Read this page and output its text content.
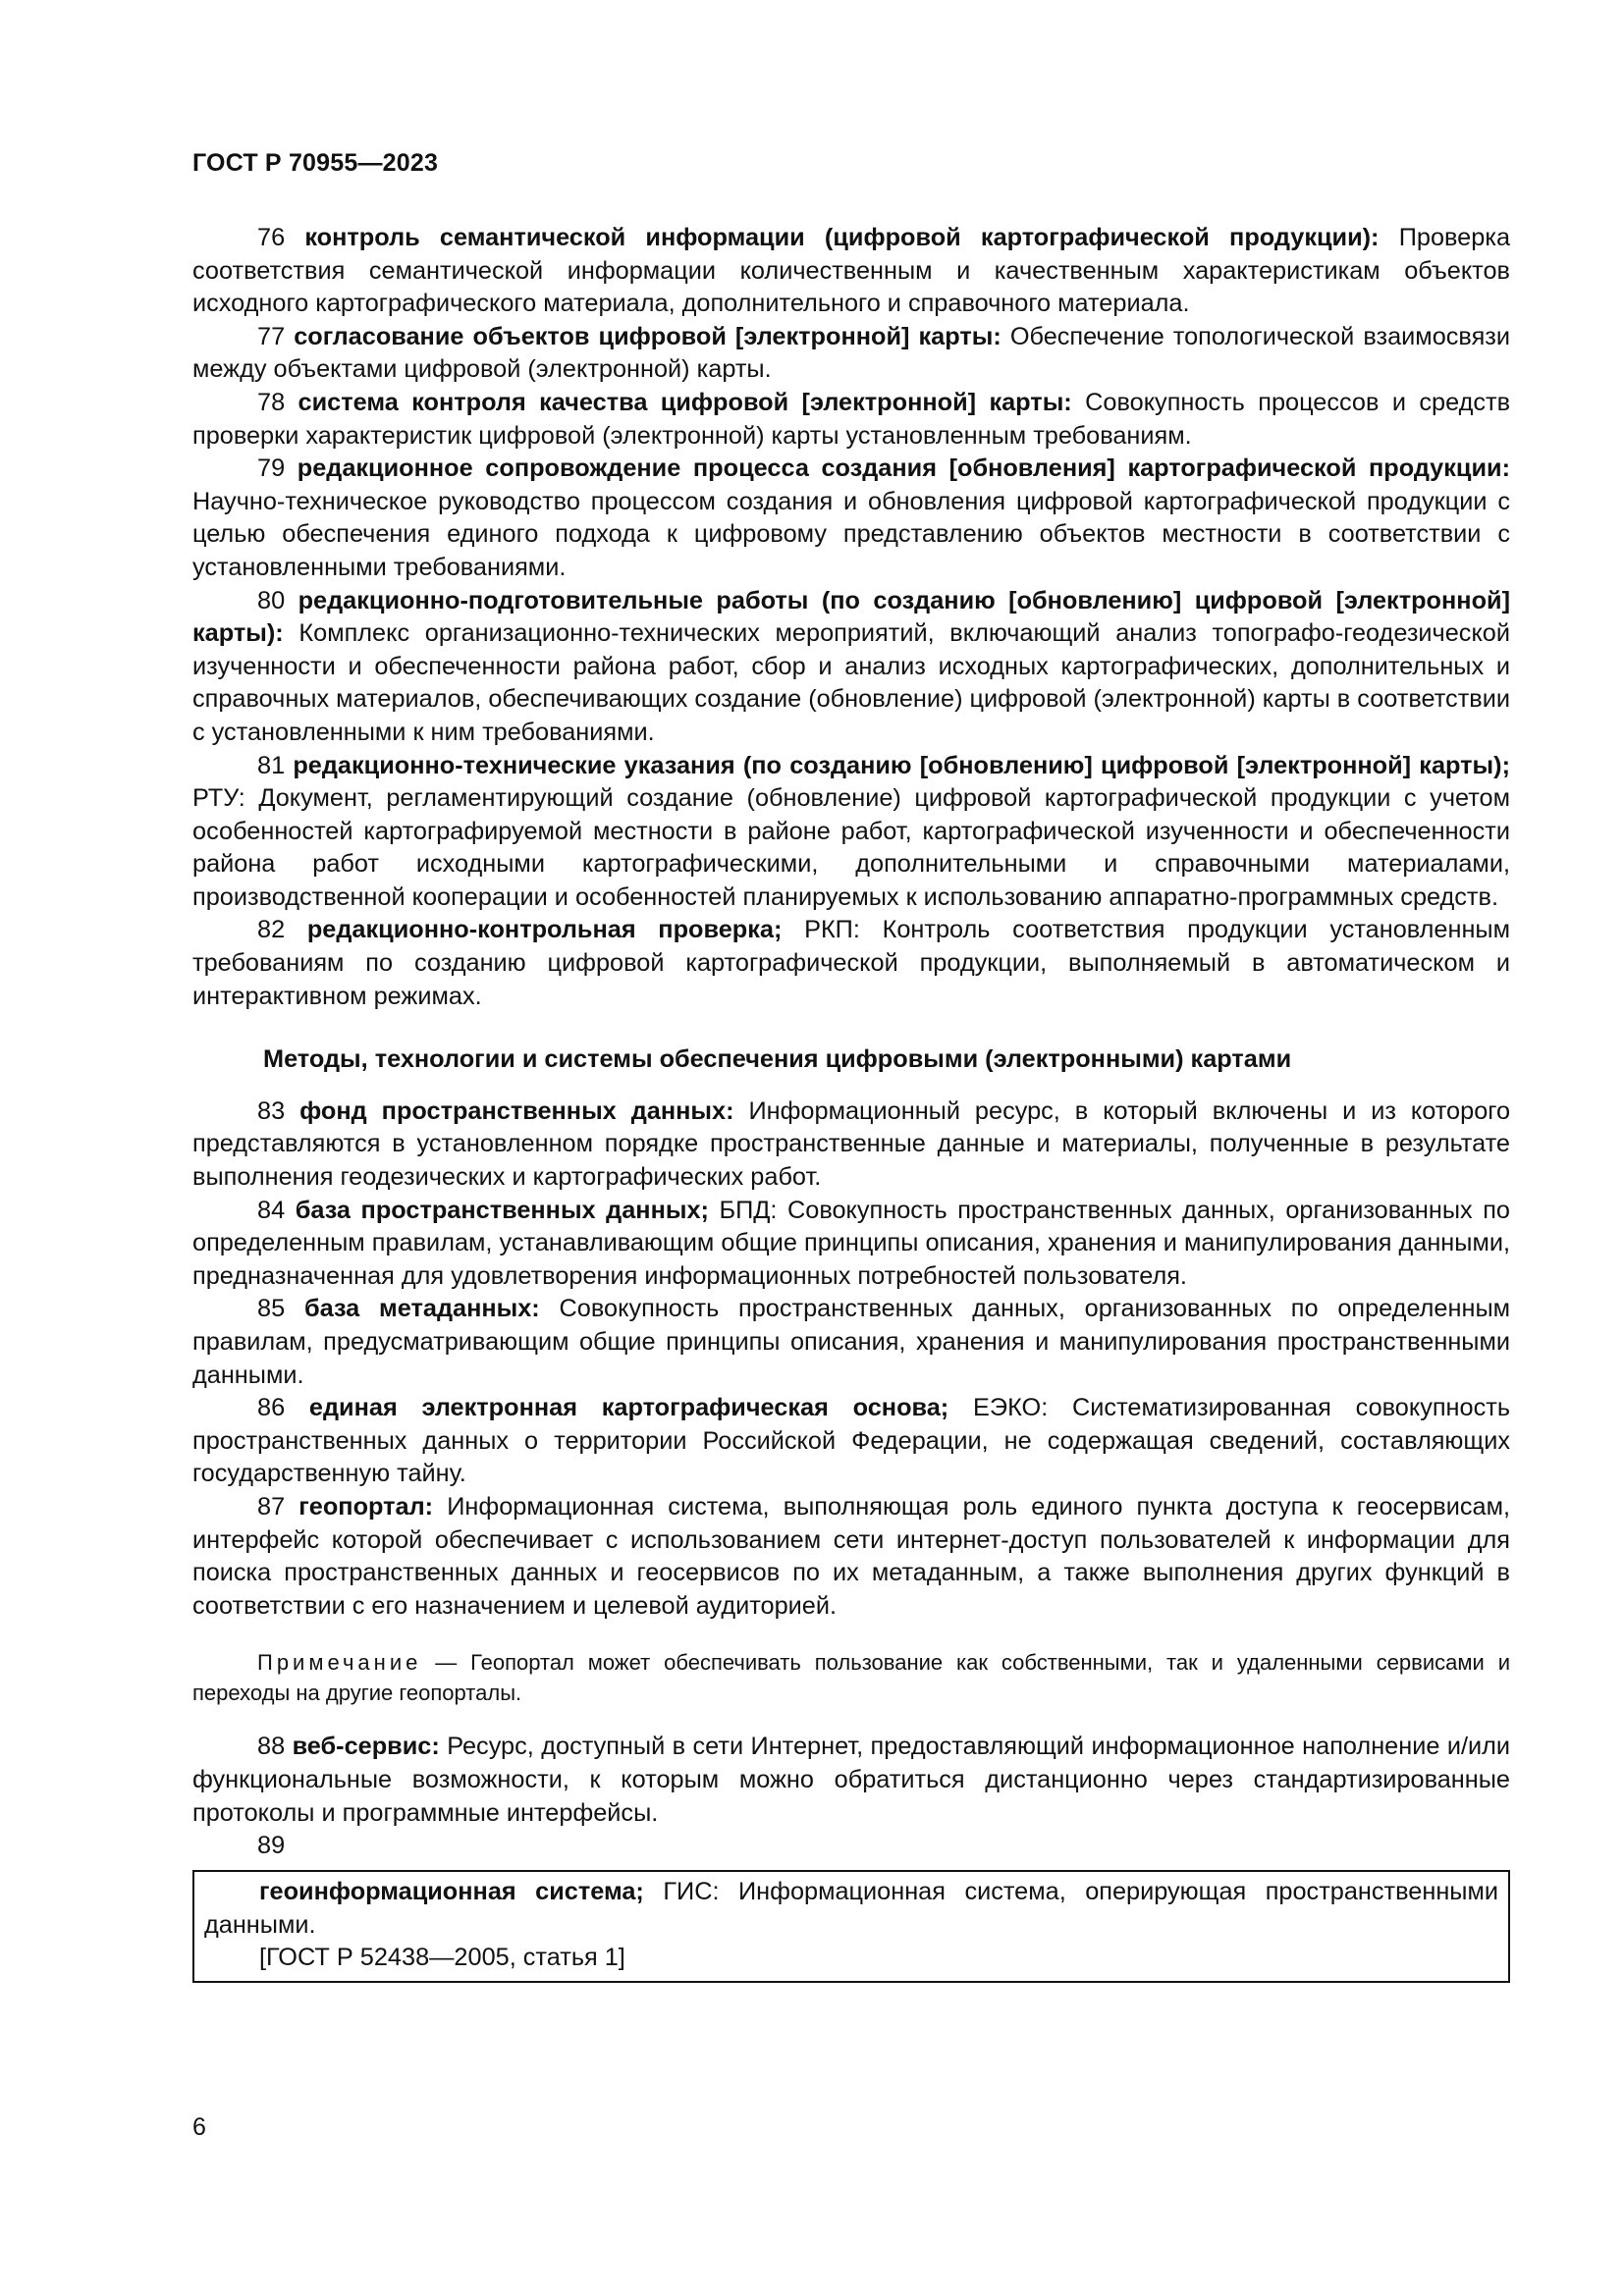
ГОСТ Р 70955—2023

76 контроль семантической информации (цифровой картографической продукции): Проверка соответствия семантической информации количественным и качественным характеристикам объектов исходного картографического материала, дополнительного и справочного материала.

77 согласование объектов цифровой [электронной] карты: Обеспечение топологической взаимосвязи между объектами цифровой (электронной) карты.

78 система контроля качества цифровой [электронной] карты: Совокупность процессов и средств проверки характеристик цифровой (электронной) карты установленным требованиям.

79 редакционное сопровождение процесса создания [обновления] картографической продукции: Научно-техническое руководство процессом создания и обновления цифровой картографической продукции с целью обеспечения единого подхода к цифровому представлению объектов местности в соответствии с установленными требованиями.

80 редакционно-подготовительные работы (по созданию [обновлению] цифровой [электронной] карты): Комплекс организационно-технических мероприятий, включающий анализ топографо-геодезической изученности и обеспеченности района работ, сбор и анализ исходных картографических, дополнительных и справочных материалов, обеспечивающих создание (обновление) цифровой (электронной) карты в соответствии с установленными к ним требованиями.

81 редакционно-технические указания (по созданию [обновлению] цифровой [электронной] карты); РТУ: Документ, регламентирующий создание (обновление) цифровой картографической продукции с учетом особенностей картографируемой местности в районе работ, картографической изученности и обеспеченности района работ исходными картографическими, дополнительными и справочными материалами, производственной кооперации и особенностей планируемых к использованию аппаратно-программных средств.

82 редакционно-контрольная проверка; РКП: Контроль соответствия продукции установленным требованиям по созданию цифровой картографической продукции, выполняемый в автоматическом и интерактивном режимах.

Методы, технологии и системы обеспечения цифровыми (электронными) картами

83 фонд пространственных данных: Информационный ресурс, в который включены и из которого представляются в установленном порядке пространственные данные и материалы, полученные в результате выполнения геодезических и картографических работ.

84 база пространственных данных; БПД: Совокупность пространственных данных, организованных по определенным правилам, устанавливающим общие принципы описания, хранения и манипулирования данными, предназначенная для удовлетворения информационных потребностей пользователя.

85 база метаданных: Совокупность пространственных данных, организованных по определенным правилам, предусматривающим общие принципы описания, хранения и манипулирования пространственными данными.

86 единая электронная картографическая основа; ЕЭКО: Систематизированная совокупность пространственных данных о территории Российской Федерации, не содержащая сведений, составляющих государственную тайну.

87 геопортал: Информационная система, выполняющая роль единого пункта доступа к геосервисам, интерфейс которой обеспечивает с использованием сети интернет-доступ пользователей к информации для поиска пространственных данных и геосервисов по их метаданным, а также выполнения других функций в соответствии с его назначением и целевой аудиторией.

Примечание — Геопортал может обеспечивать пользование как собственными, так и удаленными сервисами и переходы на другие геопорталы.

88 веб-сервис: Ресурс, доступный в сети Интернет, предоставляющий информационное наполнение и/или функциональные возможности, к которым можно обратиться дистанционно через стандартизированные протоколы и программные интерфейсы.

89

геоинформационная система; ГИС: Информационная система, оперирующая пространственными данными.

[ГОСТ Р 52438—2005, статья 1]

6
